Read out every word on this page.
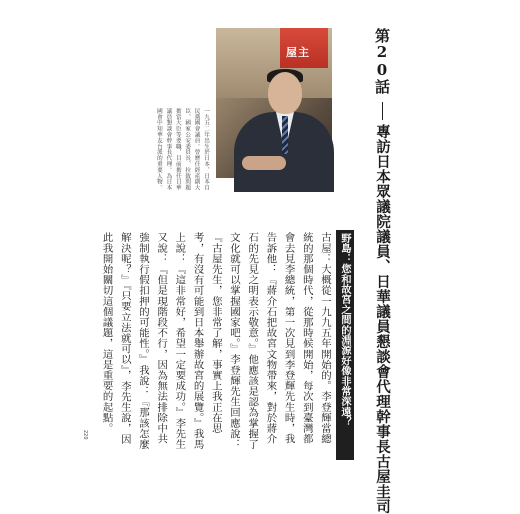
屋主
一九五二年出生於日本，日本自民黨國會議員。曾歷任經產副大臣、國家公安委員長、拉致問題擔當大臣等要職，目前擔任日華議員懇談會幹事長代理。為日本國會中知華友台派的重要人物。
第20話
專訪日本眾議院議員、日華議員懇談會代理幹事長古屋圭司
野島：您和故宮之間的淵源好像非常深遠？

古屋：大概從一九九五年開始的。李登輝當總統的那個時代，從那時候開始，每次到臺灣都會去見李總統，第一次見到李登輝先生時，我告訴他：『蔣介石把故宮文物帶來，對於蔣介石的先見之明表示敬意。』他應該是認為掌握了文化就可以掌握國家吧。』李登輝先生回應說：『古屋先生，您非常了解，事實上我正在思考，有沒有可能到日本舉辦故宮的展覽。』我馬上說：『這非常好，希望一定要成功。』李先生又說：『但是現階段不行，因為無法排除中共強制執行假扣押的可能性。』我說：『那該怎麼解決呢？』『只要立法就可以』，李先生說，因此我開始關切這個議題，這是重要的起點。

220
